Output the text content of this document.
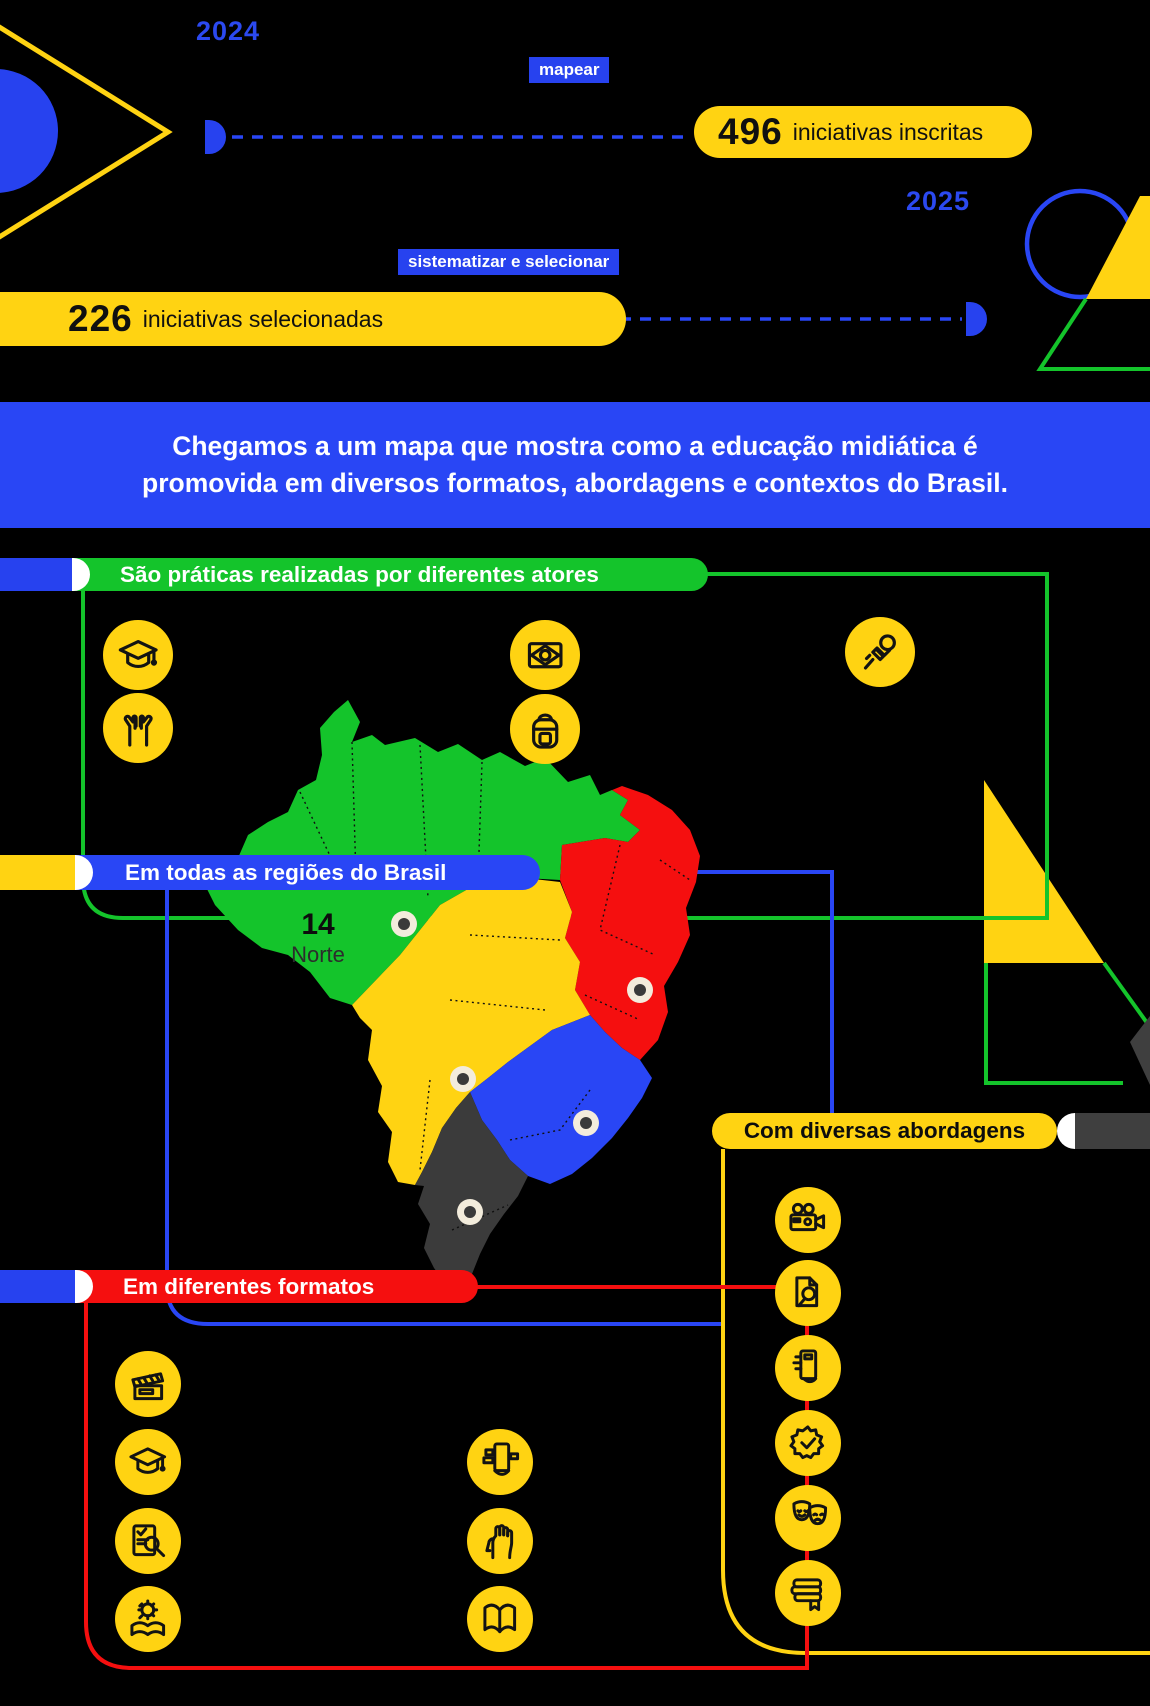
2024
mapear
496 iniciativas inscritas
2025
sistematizar e selecionar
226 iniciativas selecionadas
Chegamos a um mapa que mostra como a educação midiática é
promovida em diversos formatos, abordagens e contextos do Brasil.
São práticas realizadas por diferentes atores
Em todas as regiões do Brasil
14
Norte
Com diversas abordagens
Em diferentes formatos
